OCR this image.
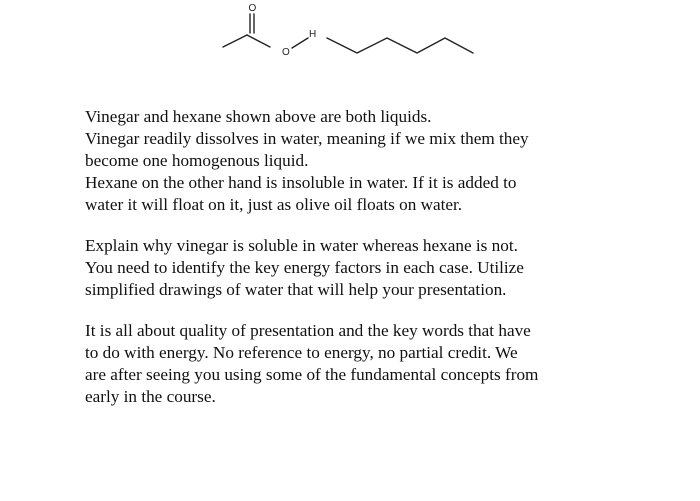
O
O
H

Vinegar and hexane shown above are both liquids.
Vinegar readily dissolves in water, meaning if we mix them they
become one homogenous liquid.
Hexane on the other hand is insoluble in water. If it is added to
water it will float on it, just as olive oil floats on water.

Explain why vinegar is soluble in water whereas hexane is not.
You need to identify the key energy factors in each case. Utilize
simplified drawings of water that will help your presentation.

It is all about quality of presentation and the key words that have
to do with energy. No reference to energy, no partial credit. We
are after seeing you using some of the fundamental concepts from
early in the course.
